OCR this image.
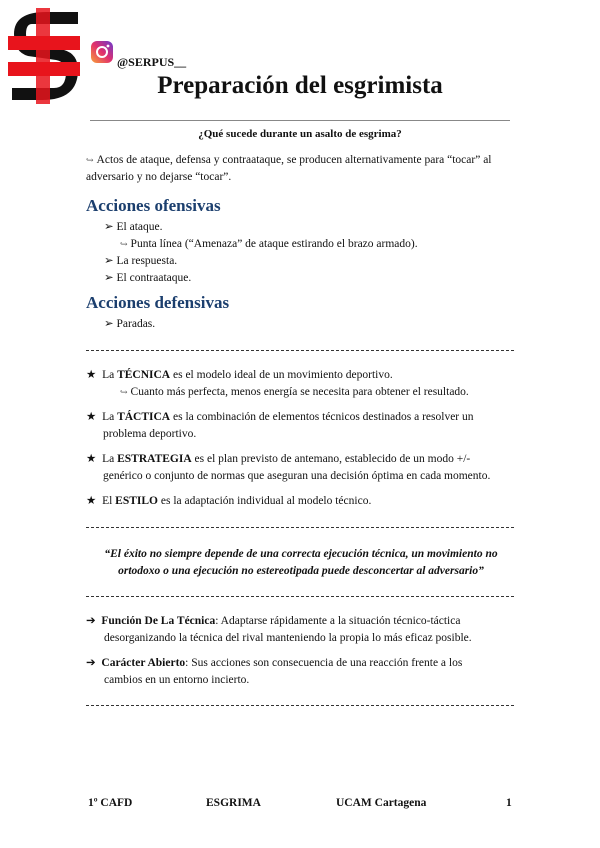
@SERPUS__
Preparación del esgrimista
¿Qué sucede durante un asalto de esgrima?
↪ Actos de ataque, defensa y contraataque, se producen alternativamente para “tocar” al
adversario y no dejarse “tocar”.
Acciones ofensivas
➢ El ataque.
↪ Punta línea (“Amenaza” de ataque estirando el brazo armado).
➢ La respuesta.
➢ El contraataque.
Acciones defensivas
➢ Paradas.
★ La TÉCNICA es el modelo ideal de un movimiento deportivo.
↪ Cuanto más perfecta, menos energía se necesita para obtener el resultado.
★ La TÁCTICA es la combinación de elementos técnicos destinados a resolver un
problema deportivo.
★ La ESTRATEGIA es el plan previsto de antemano, establecido de un modo +/-
genérico o conjunto de normas que aseguran una decisión óptima en cada momento.
★ El ESTILO es la adaptación individual al modelo técnico.
“El éxito no siempre depende de una correcta ejecución técnica, un movimiento no
ortodoxo o una ejecución no estereotipada puede desconcertar al adversario”
➔ Función De La Técnica: Adaptarse rápidamente a la situación técnico-táctica
desorganizando la técnica del rival manteniendo la propia lo más eficaz posible.
➔ Carácter Abierto: Sus acciones son consecuencia de una reacción frente a los
cambios en un entorno incierto.
1º CAFD	ESGRIMA	UCAM Cartagena	1
